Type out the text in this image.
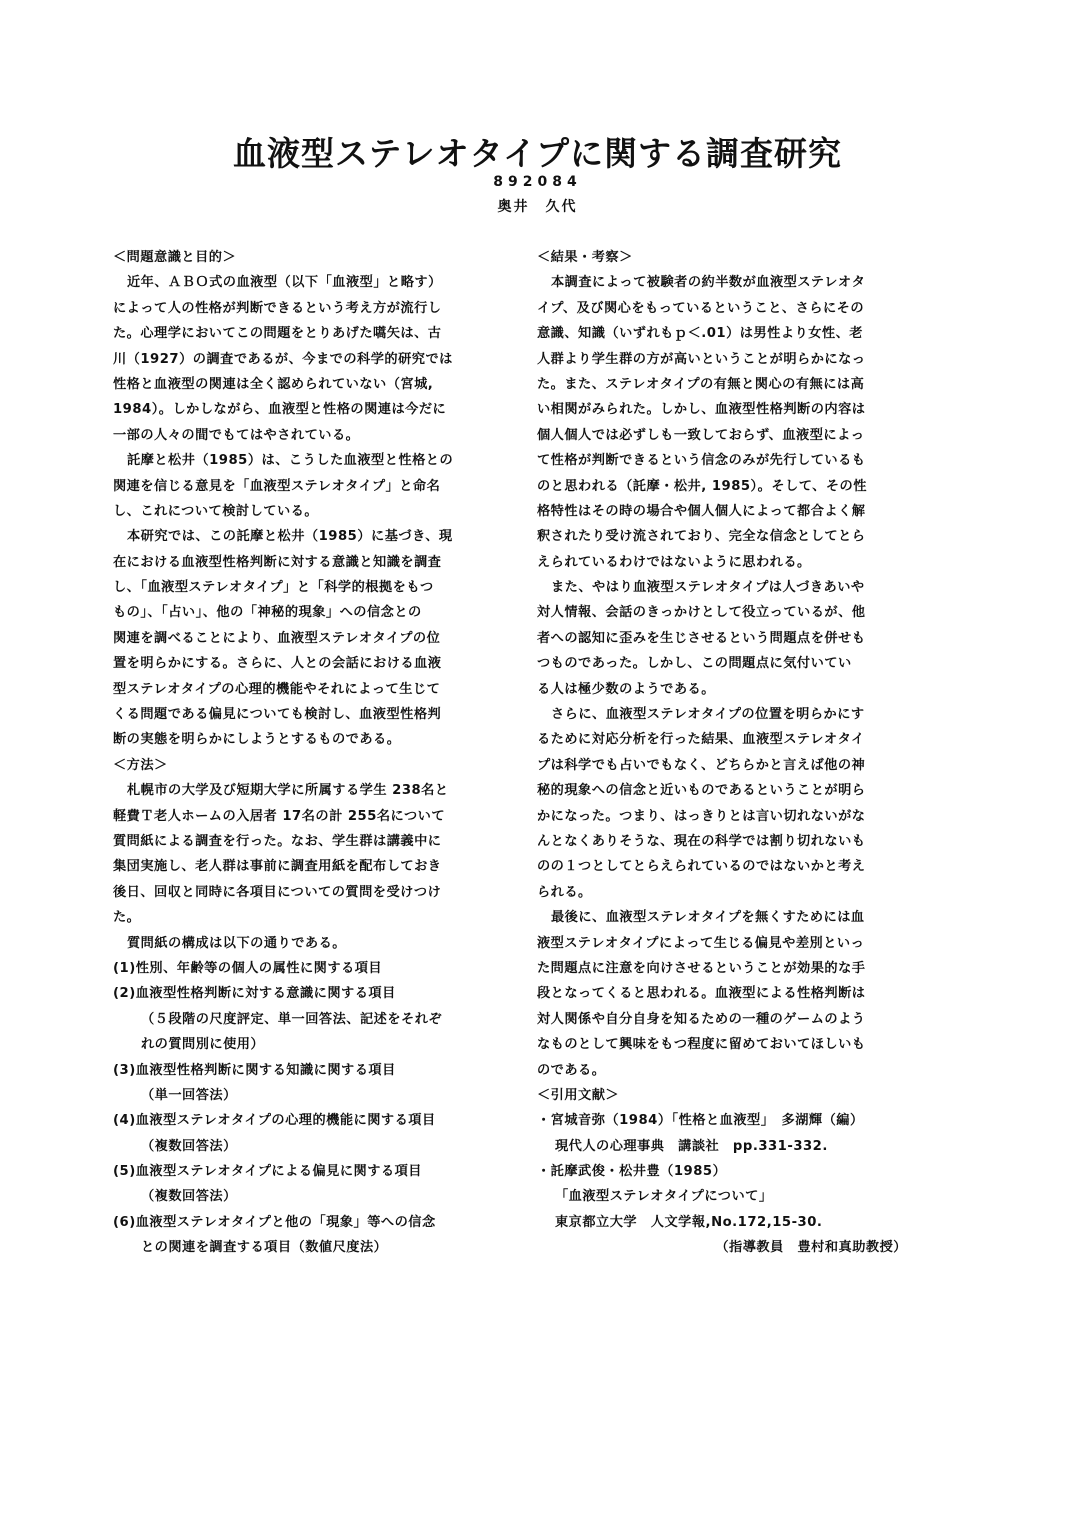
血液型ステレオタイプに関する調査研究
892084
奥井　久代
＜問題意識と目的＞
近年、ＡＢＯ式の血液型（以下「血液型」と略す）
によって人の性格が判断できるという考え方が流行し
た。心理学においてこの問題をとりあげた嚆矢は、古
川（1927）の調査であるが、今までの科学的研究では
性格と血液型の関連は全く認められていない（宮城,
1984）。しかしながら、血液型と性格の関連は今だに
一部の人々の間でもてはやされている。
託摩と松井（1985）は、こうした血液型と性格との
関連を信じる意見を「血液型ステレオタイプ」と命名
し、これについて検討している。
本研究では、この託摩と松井（1985）に基づき、現
在における血液型性格判断に対する意識と知識を調査
し、「血液型ステレオタイプ」と「科学的根拠をもつ
もの」、「占い」、他の「神秘的現象」への信念との
関連を調べることにより、血液型ステレオタイプの位
置を明らかにする。さらに、人との会話における血液
型ステレオタイプの心理的機能やそれによって生じて
くる問題である偏見についても検討し、血液型性格判
断の実態を明らかにしようとするものである。
＜方法＞
札幌市の大学及び短期大学に所属する学生 238名と
軽費Ｔ老人ホームの入居者 17名の計 255名について
質問紙による調査を行った。なお、学生群は講義中に
集団実施し、老人群は事前に調査用紙を配布しておき
後日、回収と同時に各項目についての質問を受けつけ
た。
質問紙の構成は以下の通りである。
(1)性別、年齢等の個人の属性に関する項目
(2)血液型性格判断に対する意識に関する項目
（５段階の尺度評定、単一回答法、記述をそれぞ
れの質問別に使用）
(3)血液型性格判断に関する知識に関する項目
（単一回答法）
(4)血液型ステレオタイプの心理的機能に関する項目
（複数回答法）
(5)血液型ステレオタイプによる偏見に関する項目
（複数回答法）
(6)血液型ステレオタイプと他の「現象」等への信念
との関連を調査する項目（数値尺度法）
＜結果・考察＞
本調査によって被験者の約半数が血液型ステレオタ
イプ、及び関心をもっているということ、さらにその
意識、知識（いずれもｐ＜.01）は男性より女性、老
人群より学生群の方が高いということが明らかになっ
た。また、ステレオタイプの有無と関心の有無には高
い相関がみられた。しかし、血液型性格判断の内容は
個人個人では必ずしも一致しておらず、血液型によっ
て性格が判断できるという信念のみが先行しているも
のと思われる（託摩・松井, 1985）。そして、その性
格特性はその時の場合や個人個人によって都合よく解
釈されたり受け流されており、完全な信念としてとら
えられているわけではないように思われる。
また、やはり血液型ステレオタイプは人づきあいや
対人情報、会話のきっかけとして役立っているが、他
者への認知に歪みを生じさせるという問題点を併せも
つものであった。しかし、この問題点に気付いてい
る人は極少数のようである。
さらに、血液型ステレオタイプの位置を明らかにす
るために対応分析を行った結果、血液型ステレオタイ
プは科学でも占いでもなく、どちらかと言えば他の神
秘的現象への信念と近いものであるということが明ら
かになった。つまり、はっきりとは言い切れないがな
んとなくありそうな、現在の科学では割り切れないも
のの１つとしてとらえられているのではないかと考え
られる。
最後に、血液型ステレオタイプを無くすためには血
液型ステレオタイプによって生じる偏見や差別といっ
た問題点に注意を向けさせるということが効果的な手
段となってくると思われる。血液型による性格判断は
対人関係や自分自身を知るための一種のゲームのよう
なものとして興味をもつ程度に留めておいてほしいも
のである。
＜引用文献＞
・宮城音弥（1984）「性格と血液型」　多湖輝（編）
現代人の心理事典　講談社　pp.331-332.
・託摩武俊・松井豊（1985）
「血液型ステレオタイプについて」
東京都立大学　人文学報,No.172,15-30.
（指導教員　豊村和真助教授）
